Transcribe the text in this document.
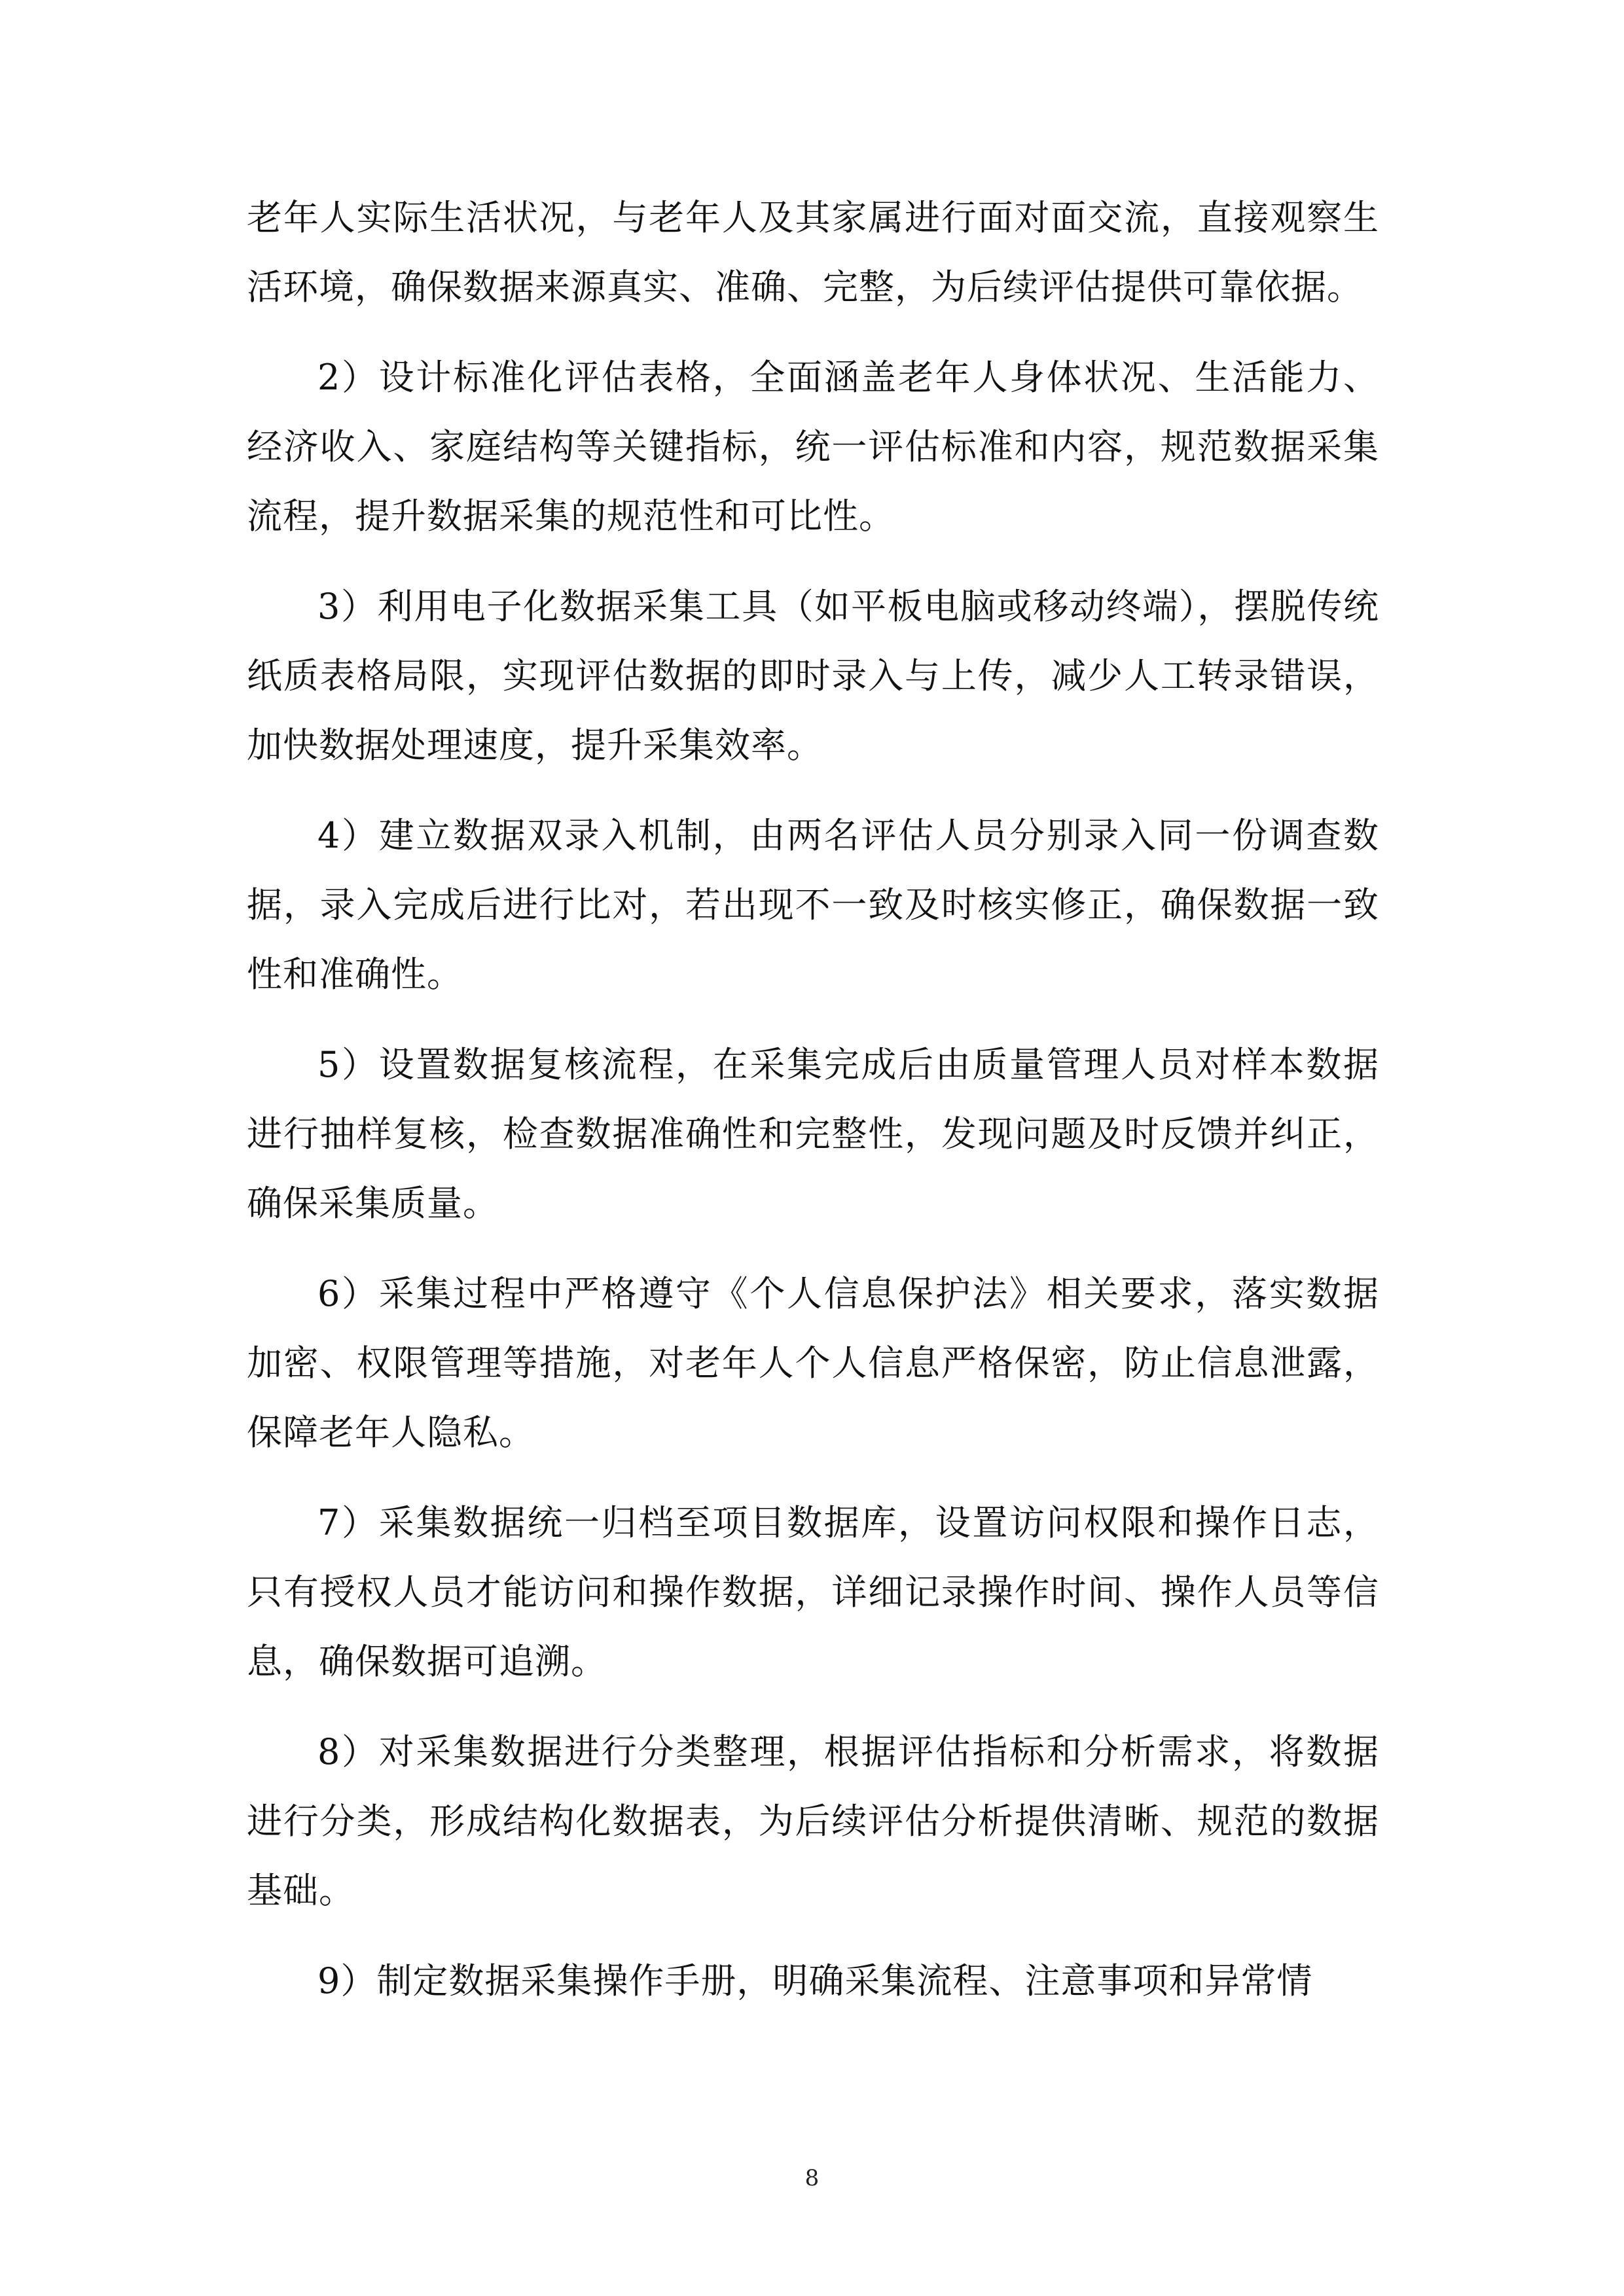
老年人实际生活状况，与老年人及其家属进行面对面交流，直接观察生活环境，确保数据来源真实、准确、完整，为后续评估提供可靠依据。

2）设计标准化评估表格，全面涵盖老年人身体状况、生活能力、经济收入、家庭结构等关键指标，统一评估标准和内容，规范数据采集流程，提升数据采集的规范性和可比性。

3）利用电子化数据采集工具（如平板电脑或移动终端），摆脱传统纸质表格局限，实现评估数据的即时录入与上传，减少人工转录错误，加快数据处理速度，提升采集效率。

4）建立数据双录入机制，由两名评估人员分别录入同一份调查数据，录入完成后进行比对，若出现不一致及时核实修正，确保数据一致性和准确性。

5）设置数据复核流程，在采集完成后由质量管理人员对样本数据进行抽样复核，检查数据准确性和完整性，发现问题及时反馈并纠正，确保采集质量。

6）采集过程中严格遵守《个人信息保护法》相关要求，落实数据加密、权限管理等措施，对老年人个人信息严格保密，防止信息泄露，保障老年人隐私。

7）采集数据统一归档至项目数据库，设置访问权限和操作日志，只有授权人员才能访问和操作数据，详细记录操作时间、操作人员等信息，确保数据可追溯。

8）对采集数据进行分类整理，根据评估指标和分析需求，将数据进行分类，形成结构化数据表，为后续评估分析提供清晰、规范的数据基础。

9）制定数据采集操作手册，明确采集流程、注意事项和异常情

8
